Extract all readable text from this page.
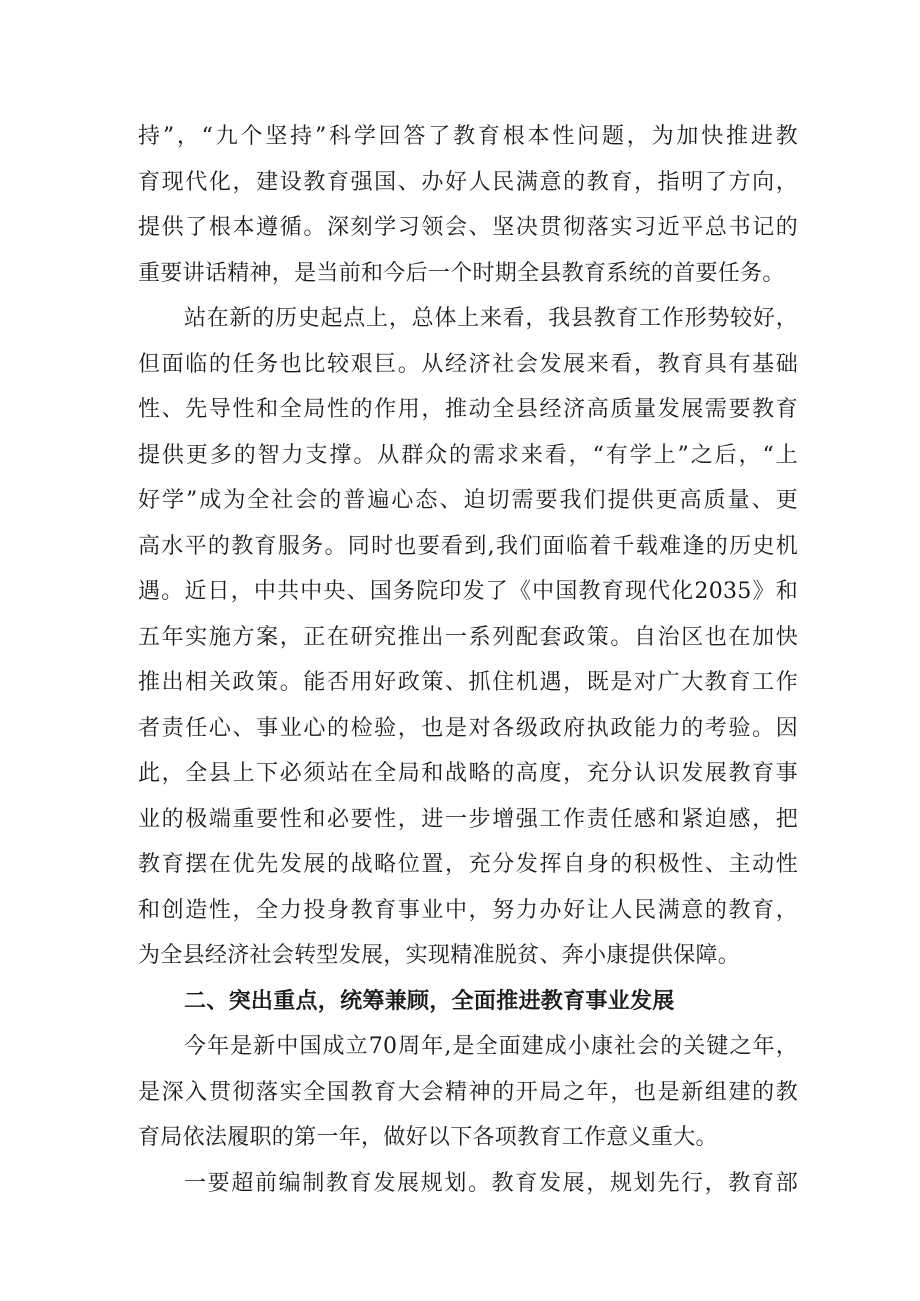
持”，“九个坚持”科学回答了教育根本性问题，为加快推进教
育现代化，建设教育强国、办好人民满意的教育，指明了方向，
提供了根本遵循。深刻学习领会、坚决贯彻落实习近平总书记的
重要讲话精神，是当前和今后一个时期全县教育系统的首要任务。
站在新的历史起点上，总体上来看，我县教育工作形势较好，
但面临的任务也比较艰巨。从经济社会发展来看，教育具有基础
性、先导性和全局性的作用，推动全县经济高质量发展需要教育
提供更多的智力支撑。从群众的需求来看，“有学上”之后，“上
好学”成为全社会的普遍心态、迫切需要我们提供更高质量、更
高水平的教育服务。同时也要看到,我们面临着千载难逢的历史机
遇。近日，中共中央、国务院印发了《中国教育现代化2035》和
五年实施方案，正在研究推出一系列配套政策。自治区也在加快
推出相关政策。能否用好政策、抓住机遇，既是对广大教育工作
者责任心、事业心的检验，也是对各级政府执政能力的考验。因
此，全县上下必须站在全局和战略的高度，充分认识发展教育事
业的极端重要性和必要性，进一步增强工作责任感和紧迫感，把
教育摆在优先发展的战略位置，充分发挥自身的积极性、主动性
和创造性，全力投身教育事业中，努力办好让人民满意的教育，
为全县经济社会转型发展，实现精准脱贫、奔小康提供保障。
二、突出重点，统筹兼顾，全面推进教育事业发展
今年是新中国成立70周年,是全面建成小康社会的关键之年，
是深入贯彻落实全国教育大会精神的开局之年，也是新组建的教
育局依法履职的第一年，做好以下各项教育工作意义重大。
一要超前编制教育发展规划。教育发展，规划先行，教育部
